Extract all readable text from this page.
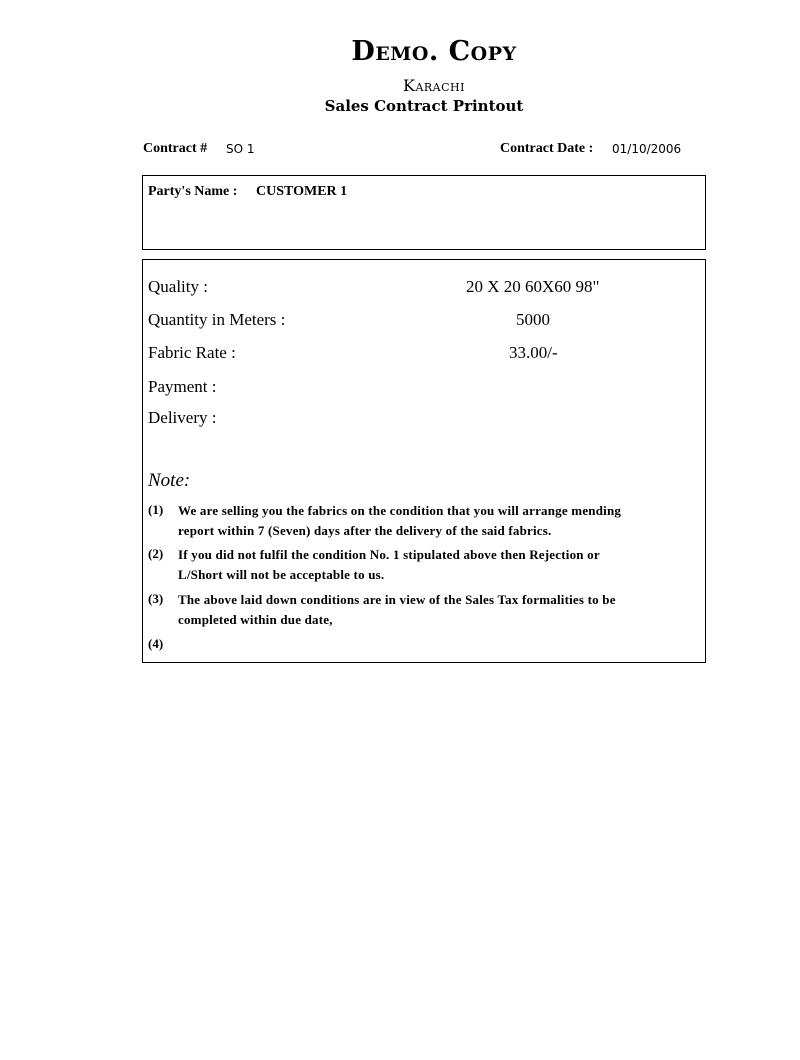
Demo. Copy
Karachi
Sales Contract Printout
Contract # SO 1	Contract Date : 01/10/2006
Party's Name : CUSTOMER 1
Quality :	20 X 20 60X60 98"
Quantity in Meters :	5000
Fabric Rate :	33.00/-
Payment :
Delivery :
Note:
(1) We are selling you the fabrics on the condition that you will arrange mending
report within 7 (Seven) days after the delivery of the said fabrics.
(2) If you did not fulfil the condition No. 1 stipulated above then Rejection or
L/Short will not be acceptable to us.
(3) The above laid down conditions are in view of the Sales Tax formalities to be
completed within due date,
(4)
